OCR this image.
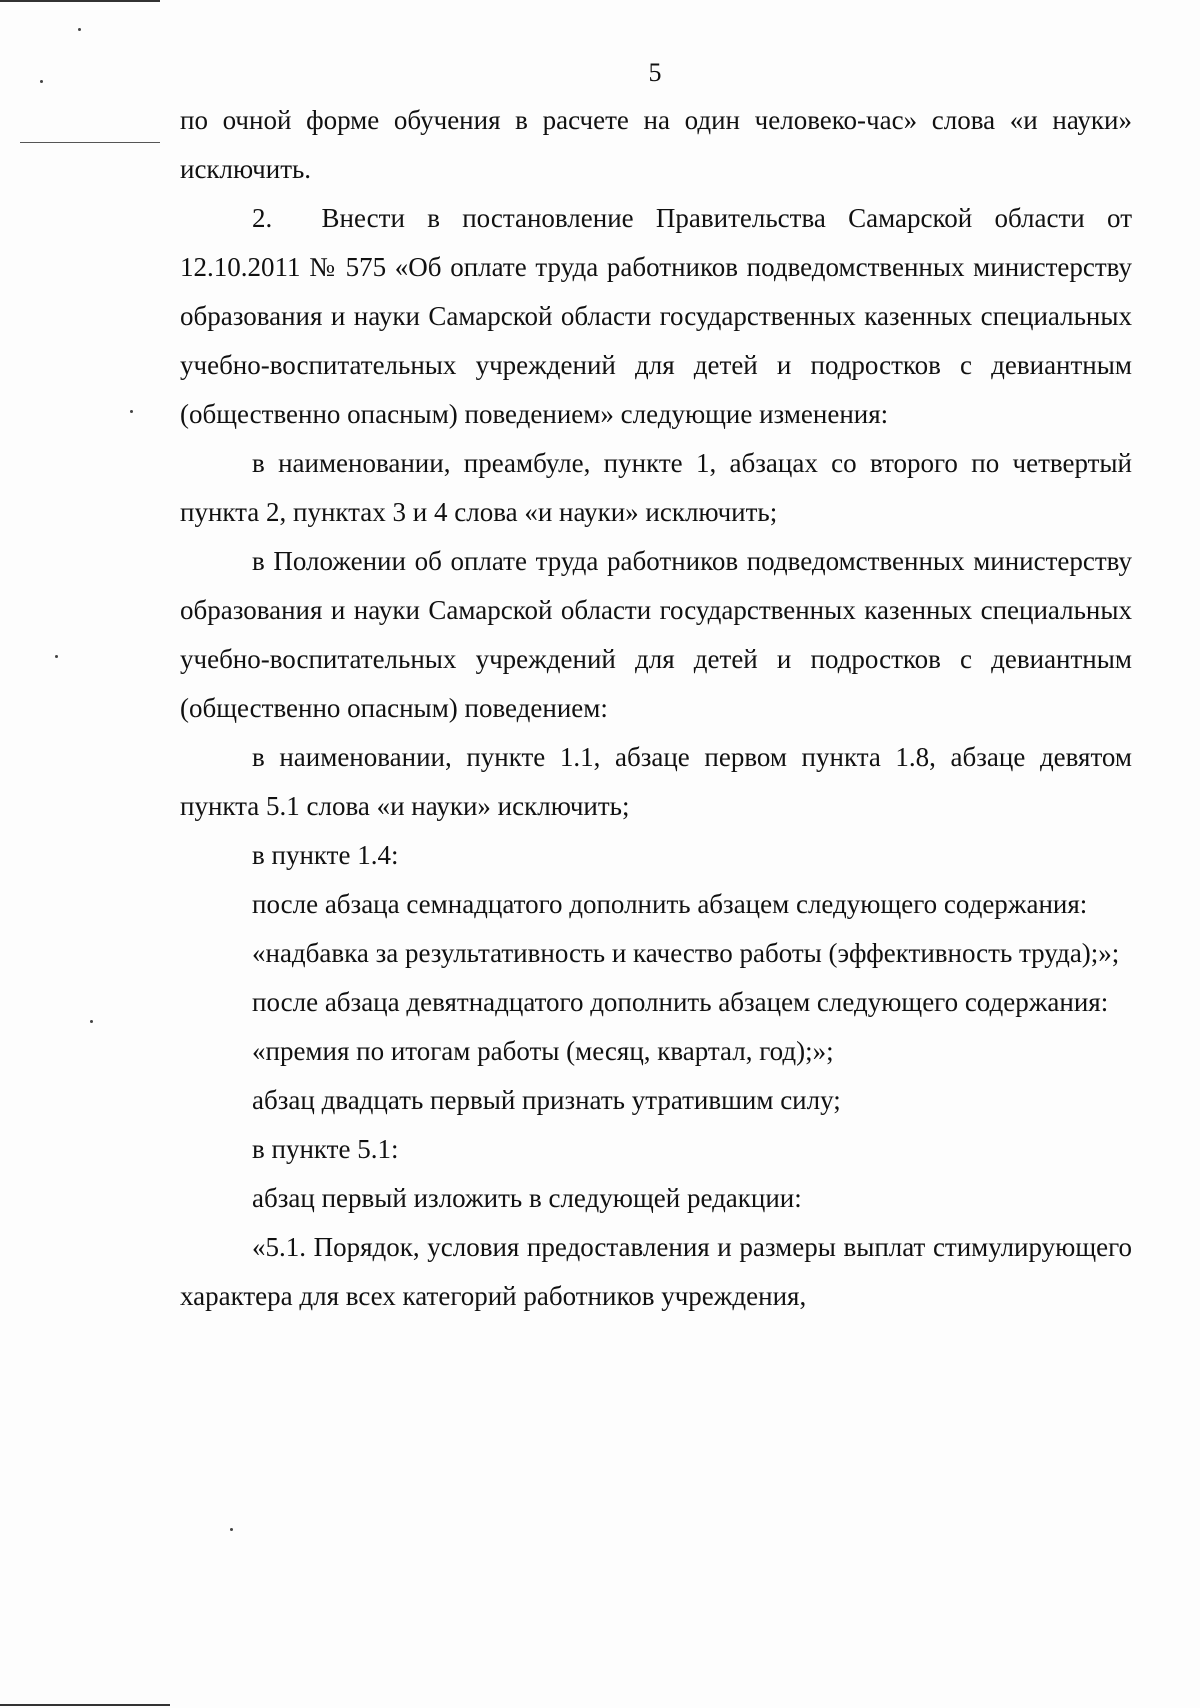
5

по очной форме обучения в расчете на один человеко-час» слова «и науки» исключить.

2.  Внести в постановление Правительства Самарской области от 12.10.2011 № 575 «Об оплате труда работников подведомственных министерству образования и науки Самарской области государственных казенных специальных учебно-воспитательных учреждений для детей и подростков с девиантным (общественно опасным) поведением» следующие изменения:

в наименовании, преамбуле, пункте 1, абзацах со второго по четвертый пункта 2, пунктах 3 и 4 слова «и науки» исключить;

в Положении об оплате труда работников подведомственных министерству образования и науки Самарской области государственных казенных специальных учебно-воспитательных учреждений для детей и подростков с девиантным (общественно опасным) поведением:

в наименовании, пункте 1.1, абзаце первом пункта 1.8, абзаце девятом пункта 5.1 слова «и науки» исключить;

в пункте 1.4:

после абзаца семнадцатого дополнить абзацем следующего содержания:

«надбавка за результативность и качество работы (эффективность труда);»;

после абзаца девятнадцатого дополнить абзацем следующего содержания:

«премия по итогам работы (месяц, квартал, год);»;

абзац двадцать первый признать утратившим силу;

в пункте 5.1:

абзац первый изложить в следующей редакции:

«5.1. Порядок, условия предоставления и размеры выплат стимулирующего характера для всех категорий работников учреждения,
